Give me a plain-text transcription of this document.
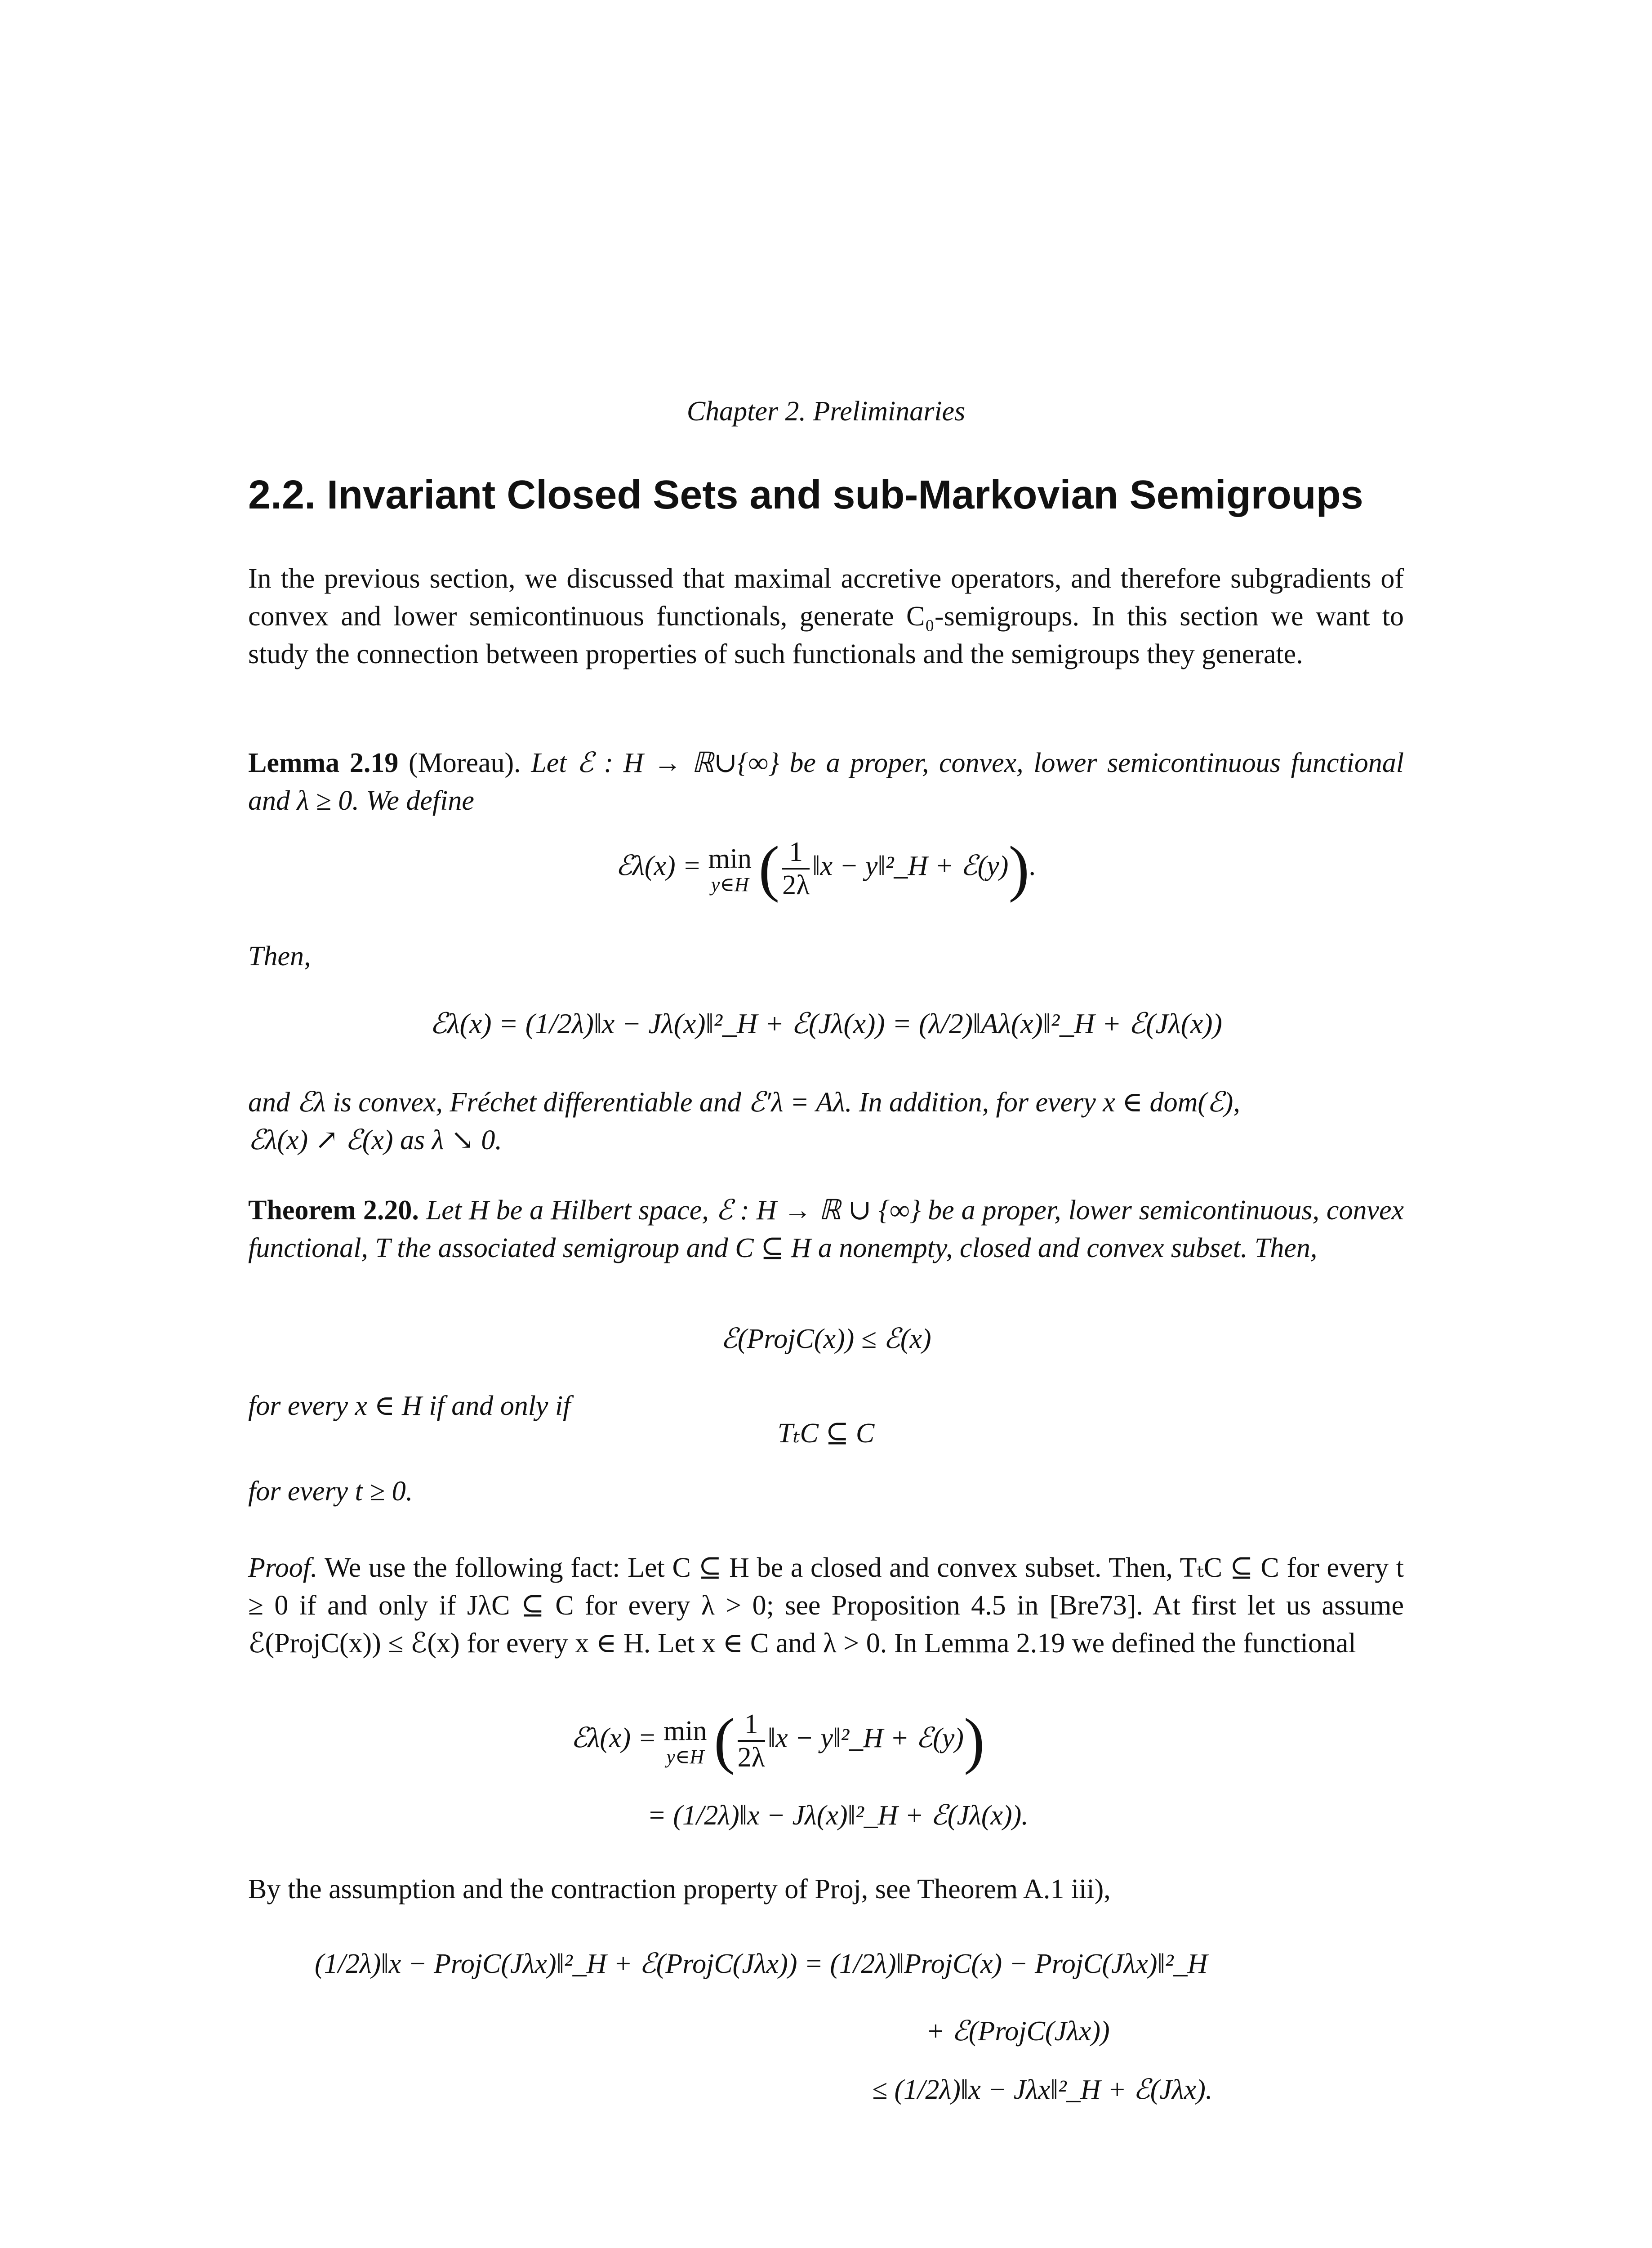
Chapter 2. Preliminaries
2.2. Invariant Closed Sets and sub-Markovian Semigroups

In the previous section, we discussed that maximal accretive operators, and therefore subgradients of convex and lower semicontinuous functionals, generate C₀-semigroups. In this section we want to study the connection between properties of such functionals and the semigroups they generate.

Lemma 2.19 (Moreau). Let ℰ : H → ℝ∪{∞} be a proper, convex, lower semicontinuous functional and λ ≥ 0. We define

ℰλ(x) = min
y∈H ( $\frac{1}{2\lambda}$ ‖x − y‖²_H + ℰ(y)).
Then,
ℰλ(x) = (1/2λ)‖x − Jλ(x)‖²_H + ℰ(Jλ(x)) = (λ/2)‖Aλ(x)‖²_H + ℰ(Jλ(x))

and ℰλ is convex, Fréchet differentiable and ℰ′λ = Aλ. In addition, for every x ∈ dom(ℰ),

ℰλ(x) ↗ ℰ(x) as λ ↘ 0.

Theorem 2.20. Let H be a Hilbert space, ℰ : H → ℝ ∪ {∞} be a proper, lower semicontinuous, convex functional, T the associated semigroup and C ⊆ H a nonempty, closed and convex subset. Then,

ℰ(ProjC(x)) ≤ ℰ(x)
for every x ∈ H if and only if
TₜC ⊆ C
for every t ≥ 0.

Proof. We use the following fact: Let C ⊆ H be a closed and convex subset. Then, TₜC ⊆ C for every t ≥ 0 if and only if JλC ⊆ C for every λ > 0; see Proposition 4.5 in [Bre73]. At first let us assume ℰ(ProjC(x)) ≤ ℰ(x) for every x ∈ H. Let x ∈ C and λ > 0. In Lemma 2.19 we defined the functional

ℰλ(x) = min
y∈H ( $\frac{1}{2\lambda}$ ‖x − y‖²_H + ℰ(y))
= (1/2λ)‖x − Jλ(x)‖²_H + ℰ(Jλ(x)).

By the assumption and the contraction property of Proj, see Theorem A.1 iii),

(1/2λ)‖x − ProjC(Jλx)‖²_H + ℰ(ProjC(Jλx)) = (1/2λ)‖ProjC(x) − ProjC(Jλx)‖²_H
+ ℰ(ProjC(Jλx))
≤ (1/2λ)‖x − Jλx‖²_H + ℰ(Jλx).
